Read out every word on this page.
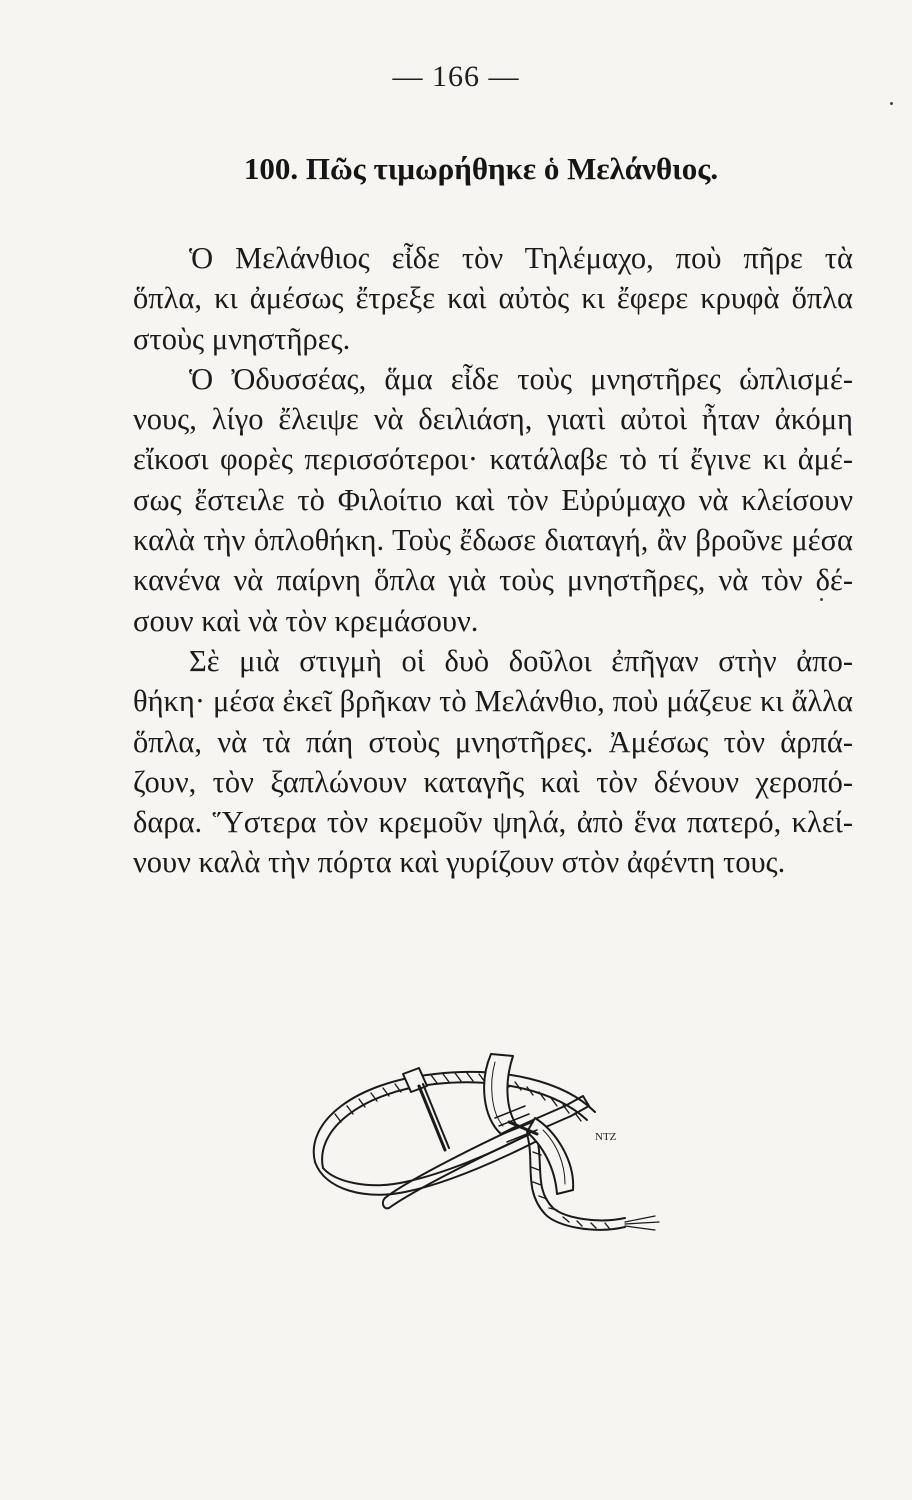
— 166 —
100. Πῶς τιμωρήθηκε ὁ Μελάνθιος.
Ὁ Μελάνθιος εἶδε τὸν Τηλέμαχο, ποὺ πῆρε τὰ
ὅπλα, κι ἀμέσως ἔτρεξε καὶ αὐτὸς κι ἔφερε κρυφὰ ὅπλα
στοὺς μνηστῆρες.
Ὁ Ὀδυσσέας, ἅμα εἶδε τοὺς μνηστῆρες ὡπλισμέ-
νους, λίγο ἔλειψε νὰ δειλιάση, γιατὶ αὐτοὶ ἦταν ἀκόμη
εἴκοσι φορὲς περισσότεροι· κατάλαβε τὸ τί ἔγινε κι ἀμέ-
σως ἔστειλε τὸ Φιλοίτιο καὶ τὸν Εὐρύμαχο νὰ κλείσουν
καλὰ τὴν ὁπλοθήκη. Τοὺς ἔδωσε διαταγή, ἂν βροῦνε μέσα
κανένα νὰ παίρνη ὅπλα γιὰ τοὺς μνηστῆρες, νὰ τὸν δέ-
σουν καὶ νὰ τὸν κρεμάσουν.
Σὲ μιὰ στιγμὴ οἱ δυὸ δοῦλοι ἐπῆγαν στὴν ἀπο-
θήκη· μέσα ἐκεῖ βρῆκαν τὸ Μελάνθιο, ποὺ μάζευε κι ἄλλα
ὅπλα, νὰ τὰ πάη στοὺς μνηστῆρες. Ἀμέσως τὸν ἁρπά-
ζουν, τὸν ξαπλώνουν καταγῆς καὶ τὸν δένουν χεροπό-
δαρα. Ὕστερα τὸν κρεμοῦν ψηλά, ἀπὸ ἕνα πατερό, κλεί-
νουν καλὰ τὴν πόρτα καὶ γυρίζουν στὸν ἀφέντη τους.
ΝΤΖ
